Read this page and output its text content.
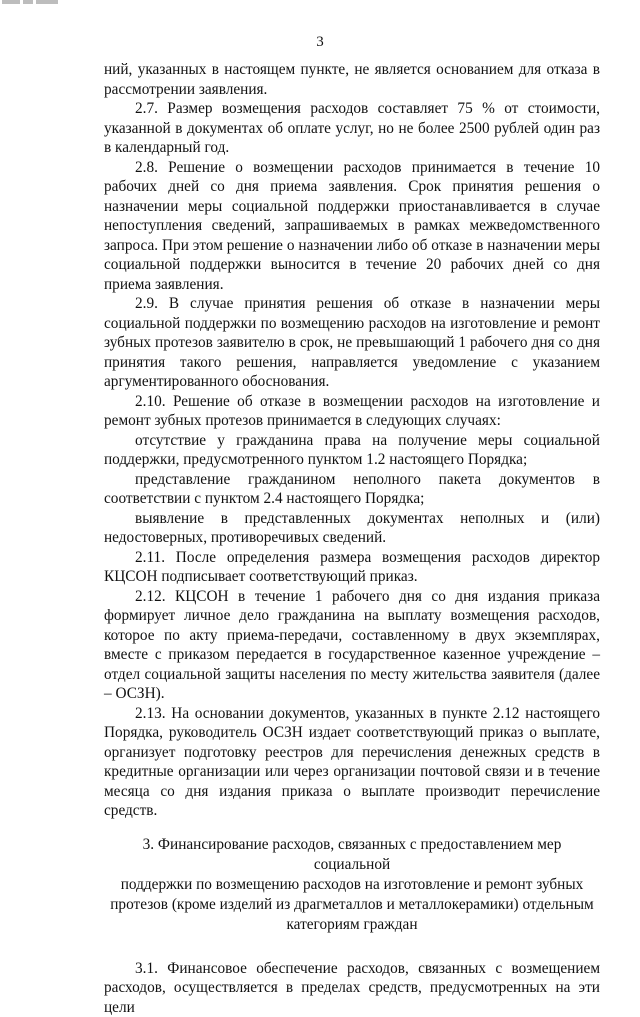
3

ний, указанных в настоящем пункте, не является основанием для отказа в рассмотрении заявления.

2.7. Размер возмещения расходов составляет 75 % от стоимости, указанной в документах об оплате услуг, но не более 2500 рублей один раз в календарный год.

2.8. Решение о возмещении расходов принимается в течение 10 рабочих дней со дня приема заявления. Срок принятия решения о назначении меры социальной поддержки приостанавливается в случае непоступления сведений, запрашиваемых в рамках межведомственного запроса. При этом решение о назначении либо об отказе в назначении меры социальной поддержки выносится в течение 20 рабочих дней со дня приема заявления.

2.9. В случае принятия решения об отказе в назначении меры социальной поддержки по возмещению расходов на изготовление и ремонт зубных протезов заявителю в срок, не превышающий 1 рабочего дня со дня принятия такого решения, направляется уведомление с указанием аргументированного обоснования.

2.10. Решение об отказе в возмещении расходов на изготовление и ремонт зубных протезов принимается в следующих случаях:

отсутствие у гражданина права на получение меры социальной поддержки, предусмотренного пунктом 1.2 настоящего Порядка;

представление гражданином неполного пакета документов в соответствии с пунктом 2.4 настоящего Порядка;

выявление в представленных документах неполных и (или) недостоверных, противоречивых сведений.

2.11. После определения размера возмещения расходов директор КЦСОН подписывает соответствующий приказ.

2.12. КЦСОН в течение 1 рабочего дня со дня издания приказа формирует личное дело гражданина на выплату возмещения расходов, которое по акту приема-передачи, составленному в двух экземплярах, вместе с приказом передается в государственное казенное учреждение – отдел социальной защиты населения по месту жительства заявителя (далее – ОСЗН).

2.13. На основании документов, указанных в пункте 2.12 настоящего Порядка, руководитель ОСЗН издает соответствующий приказ о выплате, организует подготовку реестров для перечисления денежных средств в кредитные организации или через организации почтовой связи и в течение месяца со дня издания приказа о выплате производит перечисление средств.

3. Финансирование расходов, связанных с предоставлением мер социальной
поддержки по возмещению расходов на изготовление и ремонт зубных
протезов (кроме изделий из драгметаллов и металлокерамики) отдельным
категориям граждан

3.1. Финансовое обеспечение расходов, связанных с возмещением расходов, осуществляется в пределах средств, предусмотренных на эти цели
